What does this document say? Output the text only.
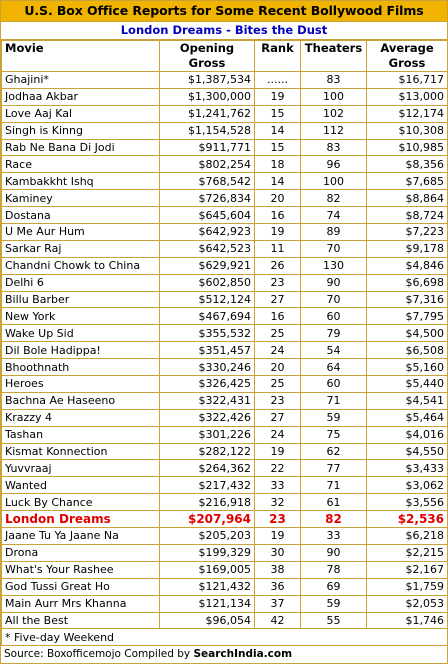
U.S. Box Office Reports for Some Recent Bollywood Films
London Dreams - Bites the Dust
Movie	Opening	Rank	Theaters	Average
	Gross			Gross
Ghajini*	$1,387,534	......	83	$16,717
Jodhaa Akbar	$1,300,000	19	100	$13,000
Love Aaj Kal	$1,241,762	15	102	$12,174
Singh is Kinng	$1,154,528	14	112	$10,308
Rab Ne Bana Di Jodi	$911,771	15	83	$10,985
Race	$802,254	18	96	$8,356
Kambakkht Ishq	$768,542	14	100	$7,685
Kaminey	$726,834	20	82	$8,864
Dostana	$645,604	16	74	$8,724
U Me Aur Hum	$642,923	19	89	$7,223
Sarkar Raj	$642,523	11	70	$9,178
Chandni Chowk to China	$629,921	26	130	$4,846
Delhi 6	$602,850	23	90	$6,698
Billu Barber	$512,124	27	70	$7,316
New York	$467,694	16	60	$7,795
Wake Up Sid	$355,532	25	79	$4,500
Dil Bole Hadippa!	$351,457	24	54	$6,508
Bhoothnath	$330,246	20	64	$5,160
Heroes	$326,425	25	60	$5,440
Bachna Ae Haseeno	$322,431	23	71	$4,541
Krazzy 4	$322,426	27	59	$5,464
Tashan	$301,226	24	75	$4,016
Kismat Konnection	$282,122	19	62	$4,550
Yuvvraaj	$264,362	22	77	$3,433
Wanted	$217,432	33	71	$3,062
Luck By Chance	$216,918	32	61	$3,556
London Dreams	$207,964	23	82	$2,536
Jaane Tu Ya Jaane Na	$205,203	19	33	$6,218
Drona	$199,329	30	90	$2,215
What's Your Rashee	$169,005	38	78	$2,167
God Tussi Great Ho	$121,432	36	69	$1,759
Main Aurr Mrs Khanna	$121,134	37	59	$2,053
All the Best	$96,054	42	55	$1,746
* Five-day Weekend				
Source: Boxofficemojo Compiled by SearchIndia.com
